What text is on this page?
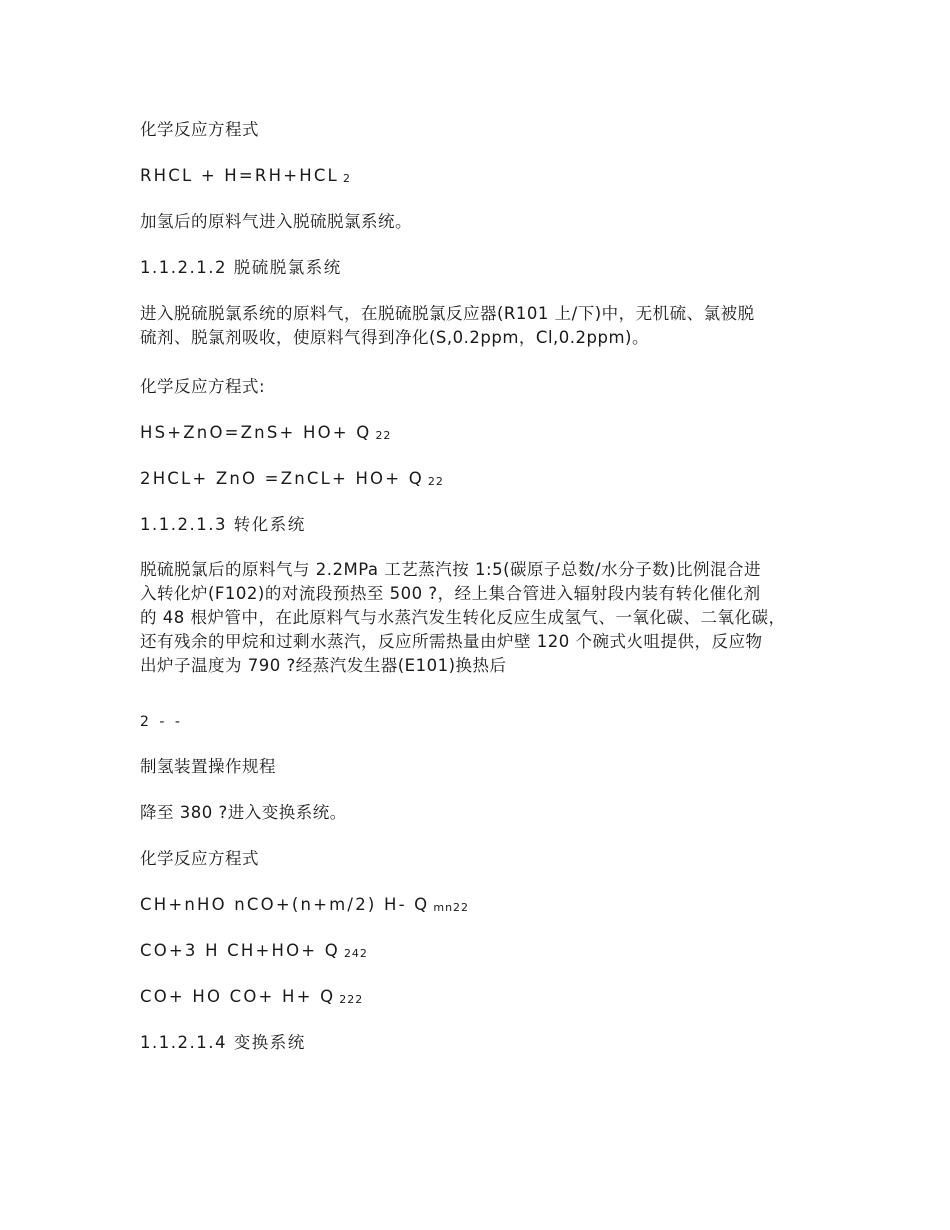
化学反应方程式
RHCL + H=RH+HCL 2
加氢后的原料气进入脱硫脱氯系统。
1.1.2.1.2 脱硫脱氯系统
进入脱硫脱氯系统的原料气，在脱硫脱氯反应器(R101 上/下)中，无机硫、氯被脱
硫剂、脱氯剂吸收，使原料气得到净化(S,0.2ppm，Cl,0.2ppm)。
化学反应方程式:
HS+ZnO=ZnS+ HO+ Q 22
2HCL+ ZnO =ZnCL+ HO+ Q 22
1.1.2.1.3 转化系统
脱硫脱氯后的原料气与 2.2MPa 工艺蒸汽按 1:5(碳原子总数/水分子数)比例混合进
入转化炉(F102)的对流段预热至 500 ?，经上集合管进入辐射段内装有转化催化剂
的 48 根炉管中，在此原料气与水蒸汽发生转化反应生成氢气、一氧化碳、二氧化碳，
还有残余的甲烷和过剩水蒸汽，反应所需热量由炉壁 120 个碗式火咀提供，反应物
出炉子温度为 790 ?经蒸汽发生器(E101)换热后
2 - -
制氢装置操作规程
降至 380 ?进入变换系统。
化学反应方程式
CH+nHO nCO+(n+m/2) H- Q mn22
CO+3 H CH+HO+ Q 242
CO+ HO CO+ H+ Q 222
1.1.2.1.4 变换系统
